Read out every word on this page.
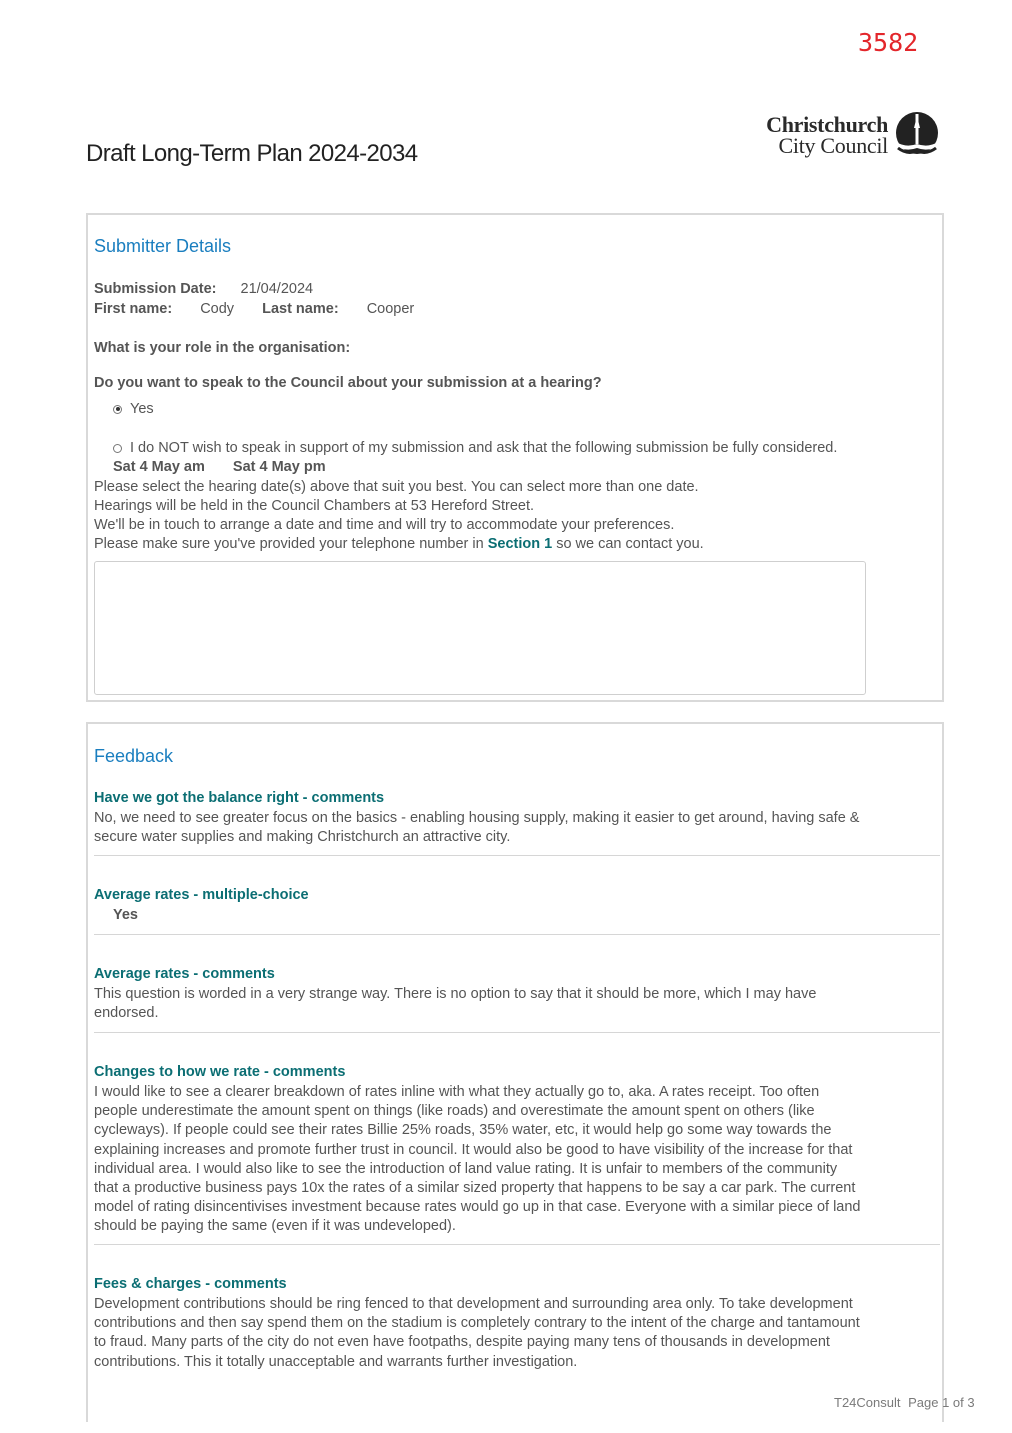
3582
Draft Long-Term Plan 2024-2034
Christchurch
City Council
Submitter Details
Submission Date: 21/04/2024
First name: Cody Last name: Cooper
What is your role in the organisation:
Do you want to speak to the Council about your submission at a hearing?
Yes
I do NOT wish to speak in support of my submission and ask that the following submission be fully considered.
Sat 4 May am Sat 4 May pm
Please select the hearing date(s) above that suit you best. You can select more than one date.
Hearings will be held in the Council Chambers at 53 Hereford Street.
We'll be in touch to arrange a date and time and will try to accommodate your preferences.
Please make sure you've provided your telephone number in Section 1 so we can contact you.
Feedback
Have we got the balance right - comments
No, we need to see greater focus on the basics - enabling housing supply, making it easier to get around, having safe & secure water supplies and making Christchurch an attractive city.
Average rates - multiple-choice
Yes
Average rates - comments
This question is worded in a very strange way. There is no option to say that it should be more, which I may have endorsed.
Changes to how we rate - comments
I would like to see a clearer breakdown of rates inline with what they actually go to, aka. A rates receipt. Too often people underestimate the amount spent on things (like roads) and overestimate the amount spent on others (like cycleways). If people could see their rates Billie 25% roads, 35% water, etc, it would help go some way towards the explaining increases and promote further trust in council. It would also be good to have visibility of the increase for that individual area. I would also like to see the introduction of land value rating. It is unfair to members of the community that a productive business pays 10x the rates of a similar sized property that happens to be say a car park. The current model of rating disincentivises investment because rates would go up in that case. Everyone with a similar piece of land should be paying the same (even if it was undeveloped).
Fees & charges - comments
Development contributions should be ring fenced to that development and surrounding area only. To take development contributions and then say spend them on the stadium is completely contrary to the intent of the charge and tantamount to fraud. Many parts of the city do not even have footpaths, despite paying many tens of thousands in development contributions. This it totally unacceptable and warrants further investigation.
T24Consult Page 1 of 3
